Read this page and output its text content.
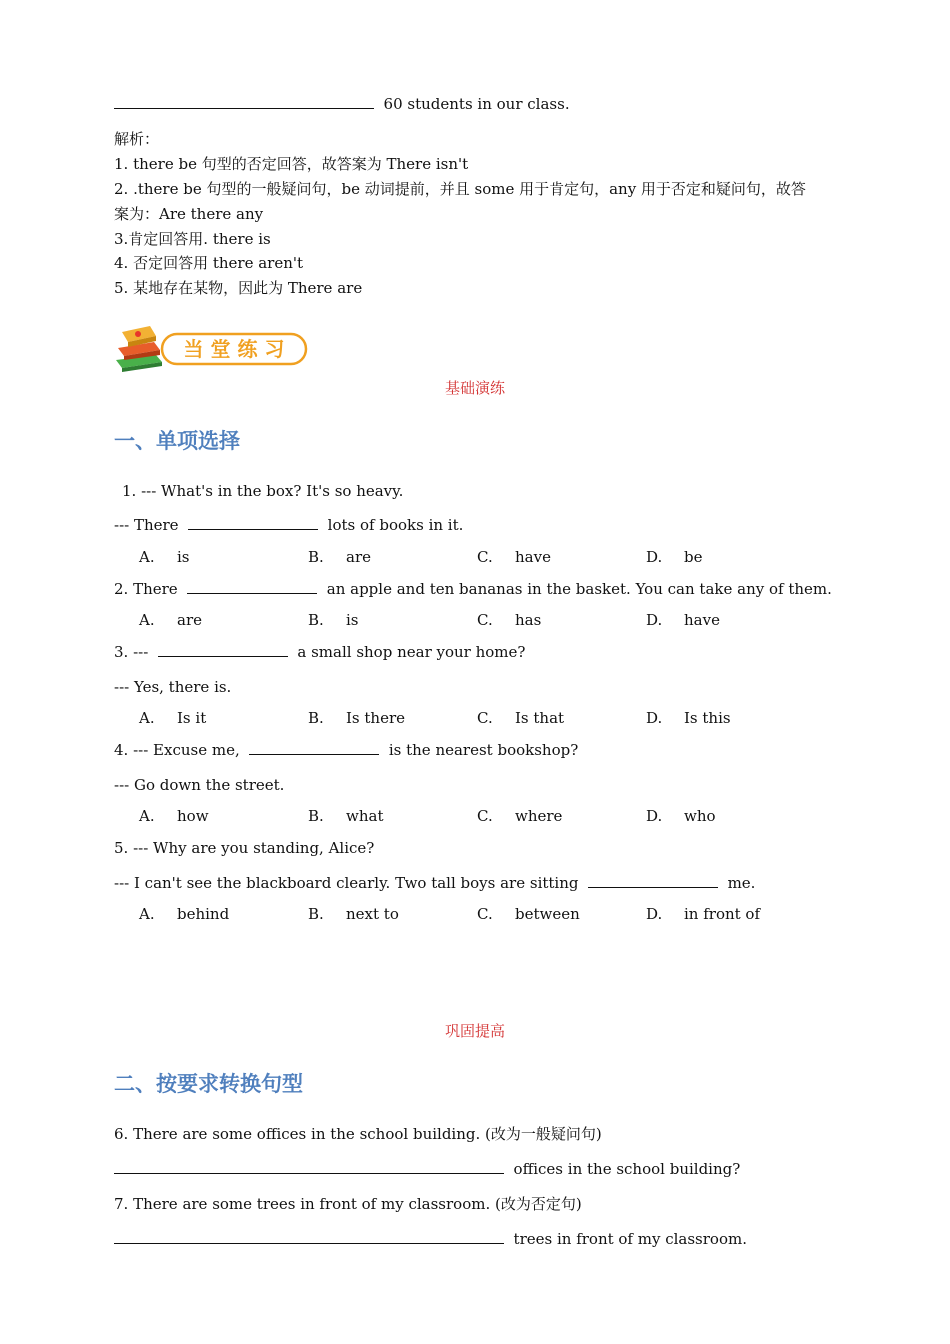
60 students in our class.
解析：
1. there be 句型的否定回答，故答案为 There isn't
2. .there be 句型的一般疑问句，be 动词提前，并且 some 用于肯定句，any 用于否定和疑问句，故答
案为：Are there any
3.肯定回答用. there is
4. 否定回答用 there aren't
5. 某地存在某物，因此为 There are
当 堂 练 习
基础演练
一、单项选择
1. --- What's in the box? It's so heavy.
--- There	lots of books in it.
A. is	B. are	C. have	D. be
2. There	an apple and ten bananas in the basket. You can take any of them.
A. are	B. is	C. has	D. have
3. ---	a small shop near your home?
--- Yes, there is.
A. Is it	B. Is there	C. Is that	D. Is this
4. --- Excuse me,	is the nearest bookshop?
--- Go down the street.
A. how	B. what	C. where	D. who
5. --- Why are you standing, Alice?
--- I can't see the blackboard clearly. Two tall boys are sitting	me.
A. behind	B. next to	C. between	D. in front of
巩固提高
二、按要求转换句型
6. There are some offices in the school building. (改为一般疑问句)
offices in the school building?
7. There are some trees in front of my classroom. (改为否定句)
trees in front of my classroom.
